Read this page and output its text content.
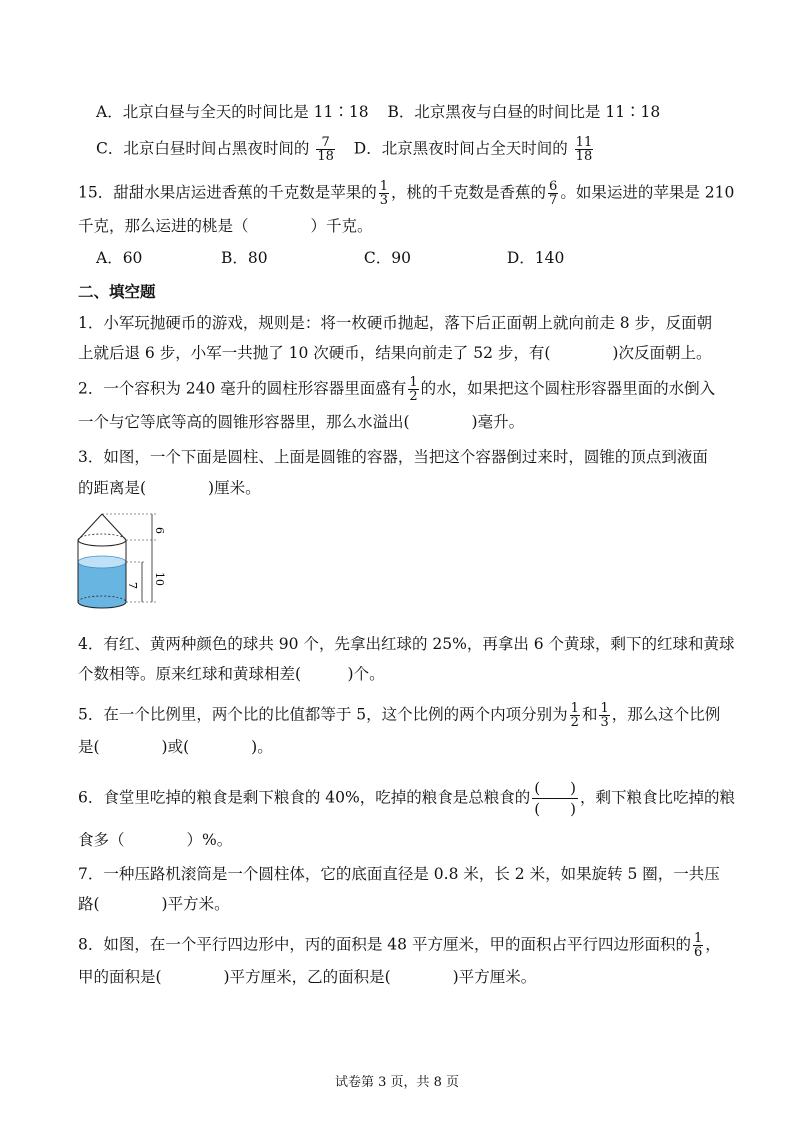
A．北京白昼与全天的时间比是 11∶18 B．北京黑夜与白昼的时间比是 11∶18
C．北京白昼时间占黑夜时间的 $\frac{7}{18}$ D．北京黑夜时间占全天时间的 $\frac{11}{18}$
15．甜甜水果店运进香蕉的千克数是苹果的 $\frac{1}{3}$ ，桃的千克数是香蕉的 $\frac{6}{7}$ 。如果运进的苹果是 210
千克，那么运进的桃是（　　　　）千克。
A．60	B．80	C．90	D．140
二、填空题
1．小军玩抛硬币的游戏，规则是：将一枚硬币抛起，落下后正面朝上就向前走 8 步，反面朝
上就后退 6 步，小军一共抛了 10 次硬币，结果向前走了 52 步，有(　　　　)次反面朝上。
2．一个容积为 240 毫升的圆柱形容器里面盛有 $\frac{1}{2}$ 的水，如果把这个圆柱形容器里面的水倒入
一个与它等底等高的圆锥形容器里，那么水溢出(　　　　)毫升。
3．如图，一个下面是圆柱、上面是圆锥的容器，当把这个容器倒过来时，圆锥的顶点到液面
的距离是(　　　　)厘米。
6
10
7
4．有红、黄两种颜色的球共 90 个，先拿出红球的 25%，再拿出 6 个黄球，剩下的红球和黄球
个数相等。原来红球和黄球相差(　　　)个。
5．在一个比例里，两个比的比值都等于 5，这个比例的两个内项分别为 $\frac{1}{2}$ 和 $\frac{1}{3}$ ，那么这个比例
是(　　　　)或(　　　　)。
6．食堂里吃掉的粮食是剩下粮食的 40%，吃掉的粮食是总粮食的 $\frac{( )}{( )}$ ，剩下粮食比吃掉的粮
食多（　　　　）%。
7．一种压路机滚筒是一个圆柱体，它的底面直径是 0.8 米，长 2 米，如果旋转 5 圈，一共压
路(　　　　)平方米。
8．如图，在一个平行四边形中，丙的面积是 48 平方厘米，甲的面积占平行四边形面积的 $\frac{1}{6}$ ，
甲的面积是(　　　　)平方厘米，乙的面积是(　　　　)平方厘米。
试卷第 3 页，共 8 页
